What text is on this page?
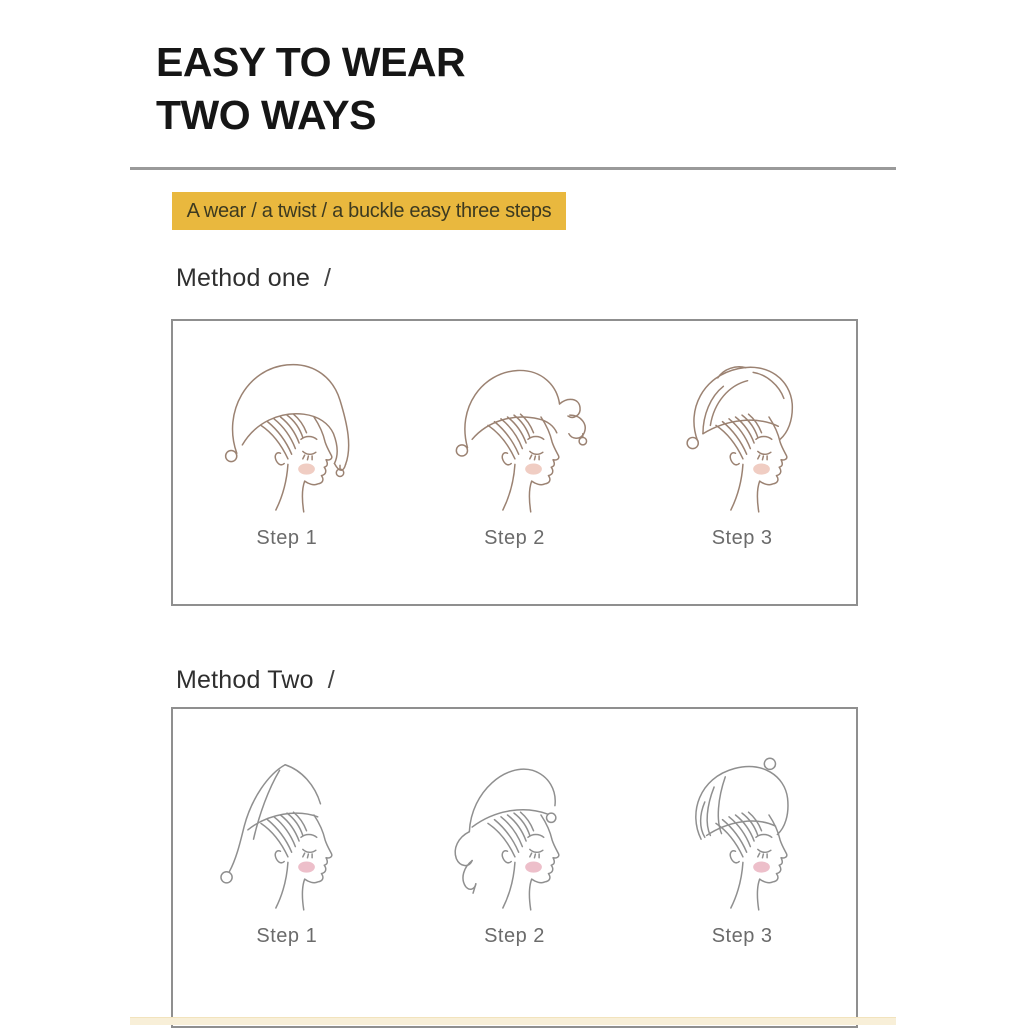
EASY TO WEAR
TWO WAYS
A wear / a twist / a buckle easy three steps
Method one /
Step 1	Step 2	Step 3
Method Two /
Step 1	Step 2	Step 3
